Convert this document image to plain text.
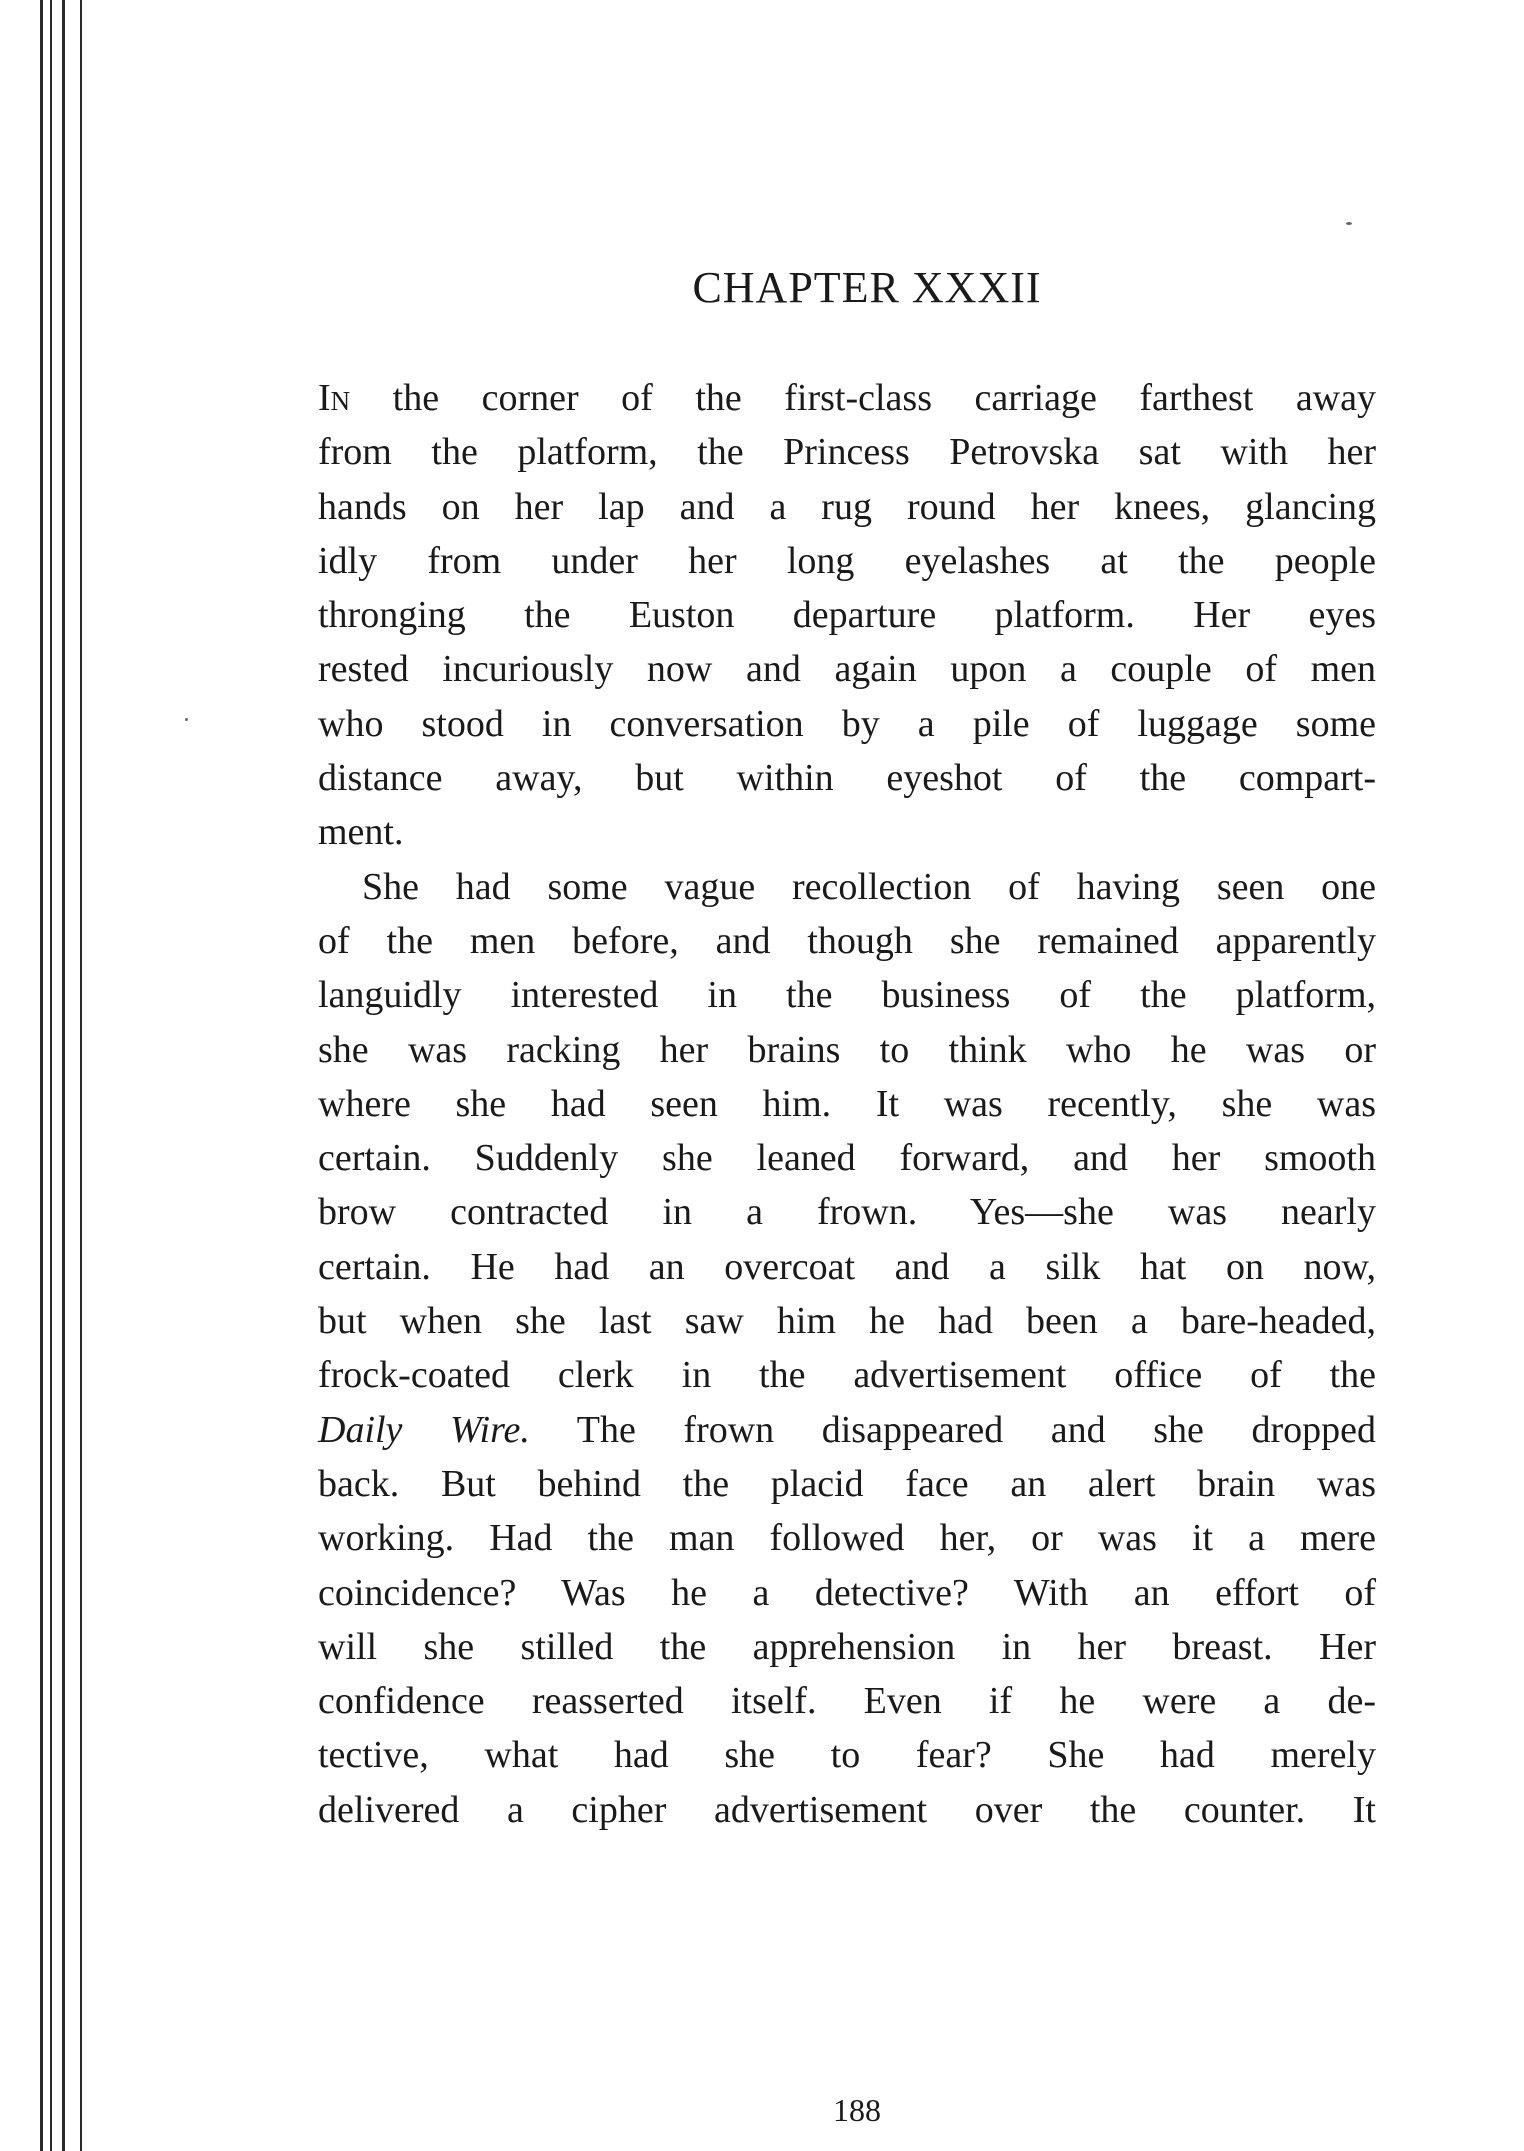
CHAPTER XXXII
In the corner of the first-class carriage farthest away
from the platform, the Princess Petrovska sat with her
hands on her lap and a rug round her knees, glancing
idly from under her long eyelashes at the people
thronging the Euston departure platform. Her eyes
rested incuriously now and again upon a couple of men
who stood in conversation by a pile of luggage some
distance away, but within eyeshot of the compart-
ment.
She had some vague recollection of having seen one
of the men before, and though she remained apparently
languidly interested in the business of the platform,
she was racking her brains to think who he was or
where she had seen him. It was recently, she was
certain. Suddenly she leaned forward, and her smooth
brow contracted in a frown. Yes—she was nearly
certain. He had an overcoat and a silk hat on now,
but when she last saw him he had been a bare-headed,
frock-coated clerk in the advertisement office of the
Daily Wire. The frown disappeared and she dropped
back. But behind the placid face an alert brain was
working. Had the man followed her, or was it a mere
coincidence? Was he a detective? With an effort of
will she stilled the apprehension in her breast. Her
confidence reasserted itself. Even if he were a de-
tective, what had she to fear? She had merely
delivered a cipher advertisement over the counter. It
188
